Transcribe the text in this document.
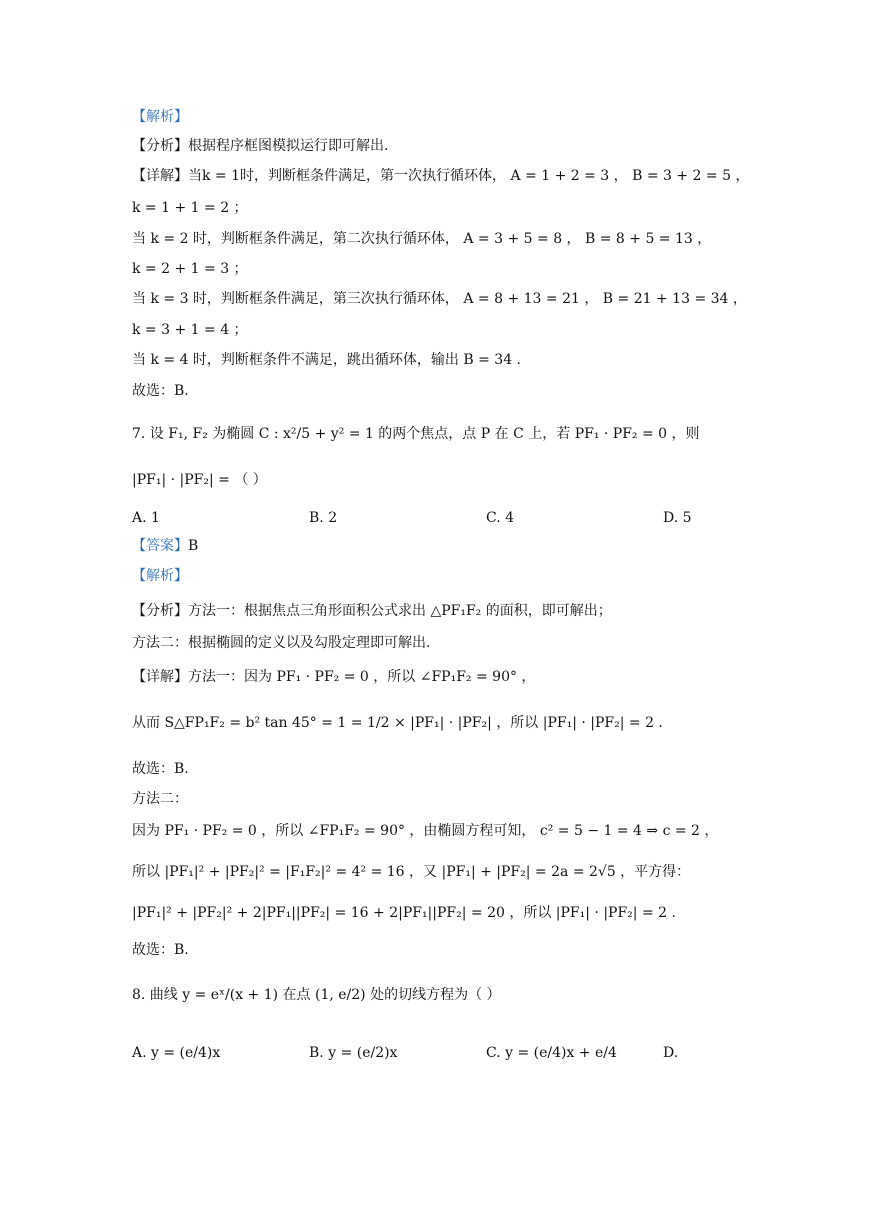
【解析】
【分析】根据程序框图模拟运行即可解出.
【详解】当k = 1时，判断框条件满足，第一次执行循环体， A = 1 + 2 = 3 ， B = 3 + 2 = 5 ，
k = 1 + 1 = 2 ；
当 k = 2 时，判断框条件满足，第二次执行循环体， A = 3 + 5 = 8 ， B = 8 + 5 = 13 ，
k = 2 + 1 = 3 ；
当 k = 3 时，判断框条件满足，第三次执行循环体， A = 8 + 13 = 21 ， B = 21 + 13 = 34 ，
k = 3 + 1 = 4 ；
当 k = 4 时，判断框条件不满足，跳出循环体，输出 B = 34 .
故选：B.
7. 设 F₁, F₂ 为椭圆 C : x²/5 + y² = 1 的两个焦点，点 P 在 C 上，若 PF₁ · PF₂ = 0 ，则
|PF₁| · |PF₂| = （ ）
A. 1	B. 2	C. 4	D. 5
【答案】B
【解析】
【分析】方法一：根据焦点三角形面积公式求出 △PF₁F₂ 的面积，即可解出；
方法二：根据椭圆的定义以及勾股定理即可解出.
【详解】方法一：因为 PF₁ · PF₂ = 0 ，所以 ∠FP₁F₂ = 90° ，
从而 S△FP₁F₂ = b² tan 45° = 1 = 1/2 × |PF₁| · |PF₂| ，所以 |PF₁| · |PF₂| = 2 .
故选：B.
方法二：
因为 PF₁ · PF₂ = 0 ，所以 ∠FP₁F₂ = 90° ，由椭圆方程可知， c² = 5 − 1 = 4 ⇒ c = 2 ，
所以 |PF₁|² + |PF₂|² = |F₁F₂|² = 4² = 16 ，又 |PF₁| + |PF₂| = 2a = 2√5 ，平方得：
|PF₁|² + |PF₂|² + 2|PF₁||PF₂| = 16 + 2|PF₁||PF₂| = 20 ，所以 |PF₁| · |PF₂| = 2 .
故选：B.
8. 曲线 y = eˣ/(x + 1) 在点 (1, e/2) 处的切线方程为（ ）
A. y = (e/4)x	B. y = (e/2)x	C. y = (e/4)x + e/4	D.
